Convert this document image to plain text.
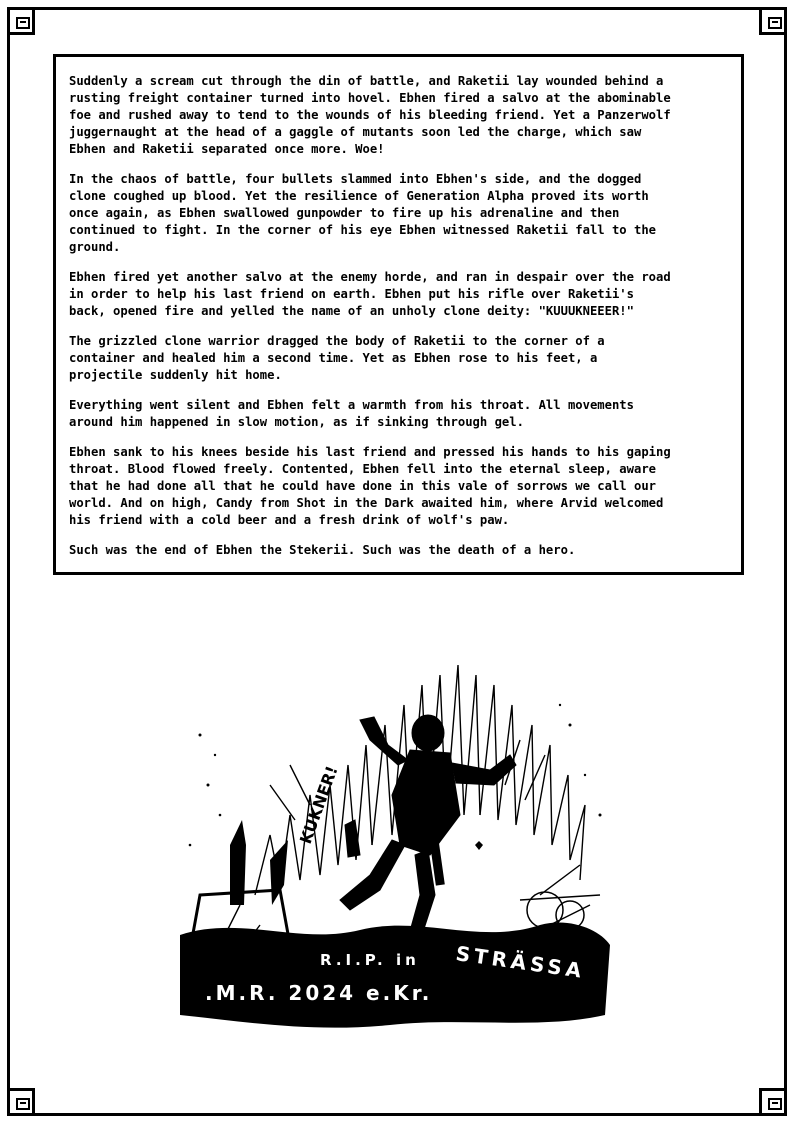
Suddenly a scream cut through the din of battle, and Raketii lay wounded behind a
rusting freight container turned into hovel. Ebhen fired a salvo at the abominable
foe and rushed away to tend to the wounds of his bleeding friend. Yet a Panzerwolf
juggernaught at the head of a gaggle of mutants soon led the charge, which saw
Ebhen and Raketii separated once more. Woe!

In the chaos of battle, four bullets slammed into Ebhen's side, and the dogged
clone coughed up blood. Yet the resilience of Generation Alpha proved its worth
once again, as Ebhen swallowed gunpowder to fire up his adrenaline and then
continued to fight. In the corner of his eye Ebhen witnessed Raketii fall to the
ground.

Ebhen fired yet another salvo at the enemy horde, and ran in despair over the road
in order to help his last friend on earth. Ebhen put his rifle over Raketii's
back, opened fire and yelled the name of an unholy clone deity: "KUUUKNEEER!"

The grizzled clone warrior dragged the body of Raketii to the corner of a
container and healed him a second time. Yet as Ebhen rose to his feet, a
projectile suddenly hit home.

Everything went silent and Ebhen felt a warmth from his throat. All movements
around him happened in slow motion, as if sinking through gel.

Ebhen sank to his knees beside his last friend and pressed his hands to his gaping
throat. Blood flowed freely. Contented, Ebhen fell into the eternal sleep, aware
that he had done all that he could have done in this vale of sorrows we call our
world. And on high, Candy from Shot in the Dark awaited him, where Arvid welcomed
his friend with a cold beer and a fresh drink of wolf's paw.

Such was the end of Ebhen the Stekerii. Such was the death of a hero.

KUKNER!
R.I.P. in STRÄSSA
.M.R. 2024 e.Kr.
